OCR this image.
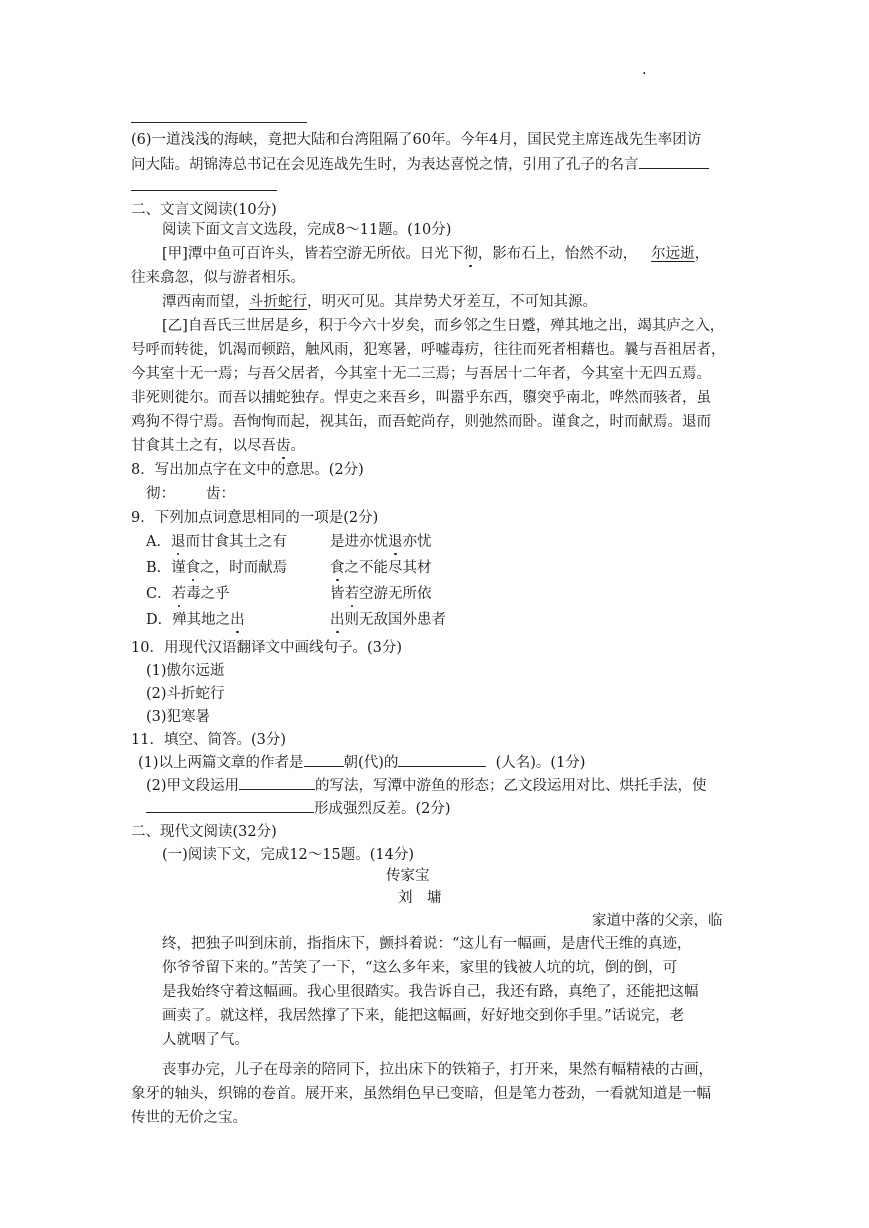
·
(6)一道浅浅的海峡，竟把大陆和台湾阻隔了60年。今年4月，国民党主席连战先生率团访
问大陆。胡锦涛总书记在会见连战先生时，为表达喜悦之情，引用了孔子的名言
二、文言文阅读(10分)
阅读下面文言文选段，完成8～11题。(10分)
[甲]潭中鱼可百许头，皆若空游无所依。日光下彻，影布石上，怡然不动， 尔远逝，
往来翕忽，似与游者相乐。
潭西南而望，斗折蛇行，明灭可见。其岸势犬牙差互，不可知其源。
[乙]自吾氏三世居是乡，积于今六十岁矣，而乡邻之生日蹙，殚其地之出，竭其庐之入，
号呼而转徙，饥渴而顿踣，触风雨，犯寒暑，呼嘘毒疠，往往而死者相藉也。曩与吾祖居者，
今其室十无一焉；与吾父居者，今其室十无二三焉；与吾居十二年者，今其室十无四五焉。
非死则徙尔。而吾以捕蛇独存。悍吏之来吾乡，叫嚣乎东西，隳突乎南北，哗然而骇者，虽
鸡狗不得宁焉。吾恂恂而起，视其缶，而吾蛇尚存，则弛然而卧。谨食之，时而献焉。退而
甘食其土之有，以尽吾齿。
8．写出加点字在文中的意思。(2分)
彻： 齿：
9．下列加点词意思相同的一项是(2分)
A．退而甘食其土之有	是进亦忧退亦忧
B．谨食之，时而献焉	食之不能尽其材
C．若毒之乎	皆若空游无所依
D．殚其地之出	出则无敌国外患者
10．用现代汉语翻译文中画线句子。(3分)
(1)傲尔远逝
(2)斗折蛇行
(3)犯寒暑
11．填空、简答。(3分)
(1)以上两篇文章的作者是	朝(代)的	(人名)。(1分)
(2)甲文段运用	的写法，写潭中游鱼的形态；乙文段运用对比、烘托手法，使
形成强烈反差。(2分)
二、现代文阅读(32分)
(一)阅读下文，完成12～15题。(14分)
传家宝
刘　墉
家道中落的父亲，临
终，把独子叫到床前，指指床下，颤抖着说：“这儿有一幅画，是唐代王维的真迹，
你爷爷留下来的。”苦笑了一下，“这么多年来，家里的钱被人坑的坑，倒的倒，可
是我始终守着这幅画。我心里很踏实。我告诉自己，我还有路，真绝了，还能把这幅
画卖了。就这样，我居然撑了下来，能把这幅画，好好地交到你手里。”话说完，老
人就咽了气。
丧事办完，儿子在母亲的陪同下，拉出床下的铁箱子，打开来，果然有幅精裱的古画，
象牙的轴头，织锦的卷首。展开来，虽然绢色早已变暗，但是笔力苍劲，一看就知道是一幅
传世的无价之宝。
